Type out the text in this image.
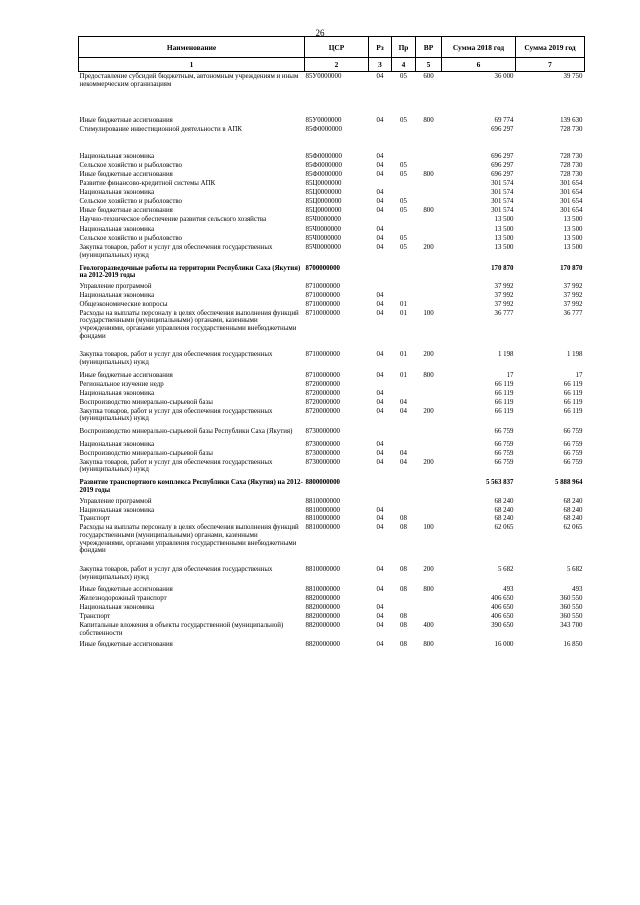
26
Наименование	ЦСР	Рз	Пр	ВР	Сумма 2018 год	Сумма 2019 год
1	2	3	4	5	6	7
Предоставление субсидий бюджетным, автономным учреждениям и иным некоммерческим организациям	85У0000000	04	05	600	36 000	39 750

Иные бюджетные ассигнования	85У0000000	04	05	800	69 774	139 630
Стимулирование инвестиционной деятельности в АПК	85Ф0000000				696 297	728 730

Национальная экономика	85Ф0000000	04			696 297	728 730
Сельское хозяйство и рыболовство	85Ф0000000	04	05		696 297	728 730
Иные бюджетные ассигнования	85Ф0000000	04	05	800	696 297	728 730
Развитие финансово-кредитной системы АПК	85Ц0000000				301 574	301 654
Национальная экономика	85Ц0000000	04			301 574	301 654
Сельское хозяйство и рыболовство	85Ц0000000	04	05		301 574	301 654
Иные бюджетные ассигнования	85Ц0000000	04	05	800	301 574	301 654
Научно-техническое обеспечение развития сельского хозяйства	85Ч0000000				13 500	13 500

Национальная экономика	85Ч0000000	04			13 500	13 500
Сельское хозяйство и рыболовство	85Ч0000000	04	05		13 500	13 500
Закупка товаров, работ и услуг для обеспечения государственных (муниципальных) нужд	85Ч0000000	04	05	200	13 500	13 500

Геологоразведочные работы на территории Республики Саха (Якутия) на 2012-2019 годы	8700000000				170 870	170 870

Управление программой	8710000000				37 992	37 992
Национальная экономика	8710000000	04			37 992	37 992
Общеэкономические вопросы	8710000000	04	01		37 992	37 992
Расходы на выплаты персоналу в целях обеспечения выполнения функций государственными (муниципальными) органами, казенными учреждениями, органами управления государственными внебюджетными фондами	8710000000	04	01	100	36 777	36 777

Закупка товаров, работ и услуг для обеспечения государственных (муниципальных) нужд	8710000000	04	01	200	1 198	1 198

Иные бюджетные ассигнования	8710000000	04	01	800	17	17
Региональное изучение недр	8720000000				66 119	66 119
Национальная экономика	8720000000	04			66 119	66 119
Воспроизводство минерально-сырьевой базы	8720000000	04	04		66 119	66 119
Закупка товаров, работ и услуг для обеспечения государственных (муниципальных) нужд	8720000000	04	04	200	66 119	66 119

Воспроизводство минерально-сырьевой базы Республики Саха (Якутия)	8730000000				66 759	66 759

Национальная экономика	8730000000	04			66 759	66 759
Воспроизводство минерально-сырьевой базы	8730000000	04	04		66 759	66 759
Закупка товаров, работ и услуг для обеспечения государственных (муниципальных) нужд	8730000000	04	04	200	66 759	66 759

Развитие транспортного комплекса Республики Саха (Якутия) на 2012-2019 годы	8800000000				5 563 837	5 888 964

Управление программой	8810000000				68 240	68 240
Национальная экономика	8810000000	04			68 240	68 240
Транспорт	8810000000	04	08		68 240	68 240
Расходы на выплаты персоналу в целях обеспечения выполнения функций государственными (муниципальными) органами, казенными учреждениями, органами управления государственными внебюджетными фондами	8810000000	04	08	100	62 065	62 065

Закупка товаров, работ и услуг для обеспечения государственных (муниципальных) нужд	8810000000	04	08	200	5 682	5 682

Иные бюджетные ассигнования	8810000000	04	08	800	493	493
Железнодорожный транспорт	8820000000				406 650	360 550
Национальная экономика	8820000000	04			406 650	360 550
Транспорт	8820000000	04	08		406 650	360 550
Капитальные вложения в объекты государственной (муниципальной) собственности	8820000000	04	08	400	390 650	343 700

Иные бюджетные ассигнования	8820000000	04	08	800	16 000	16 850
